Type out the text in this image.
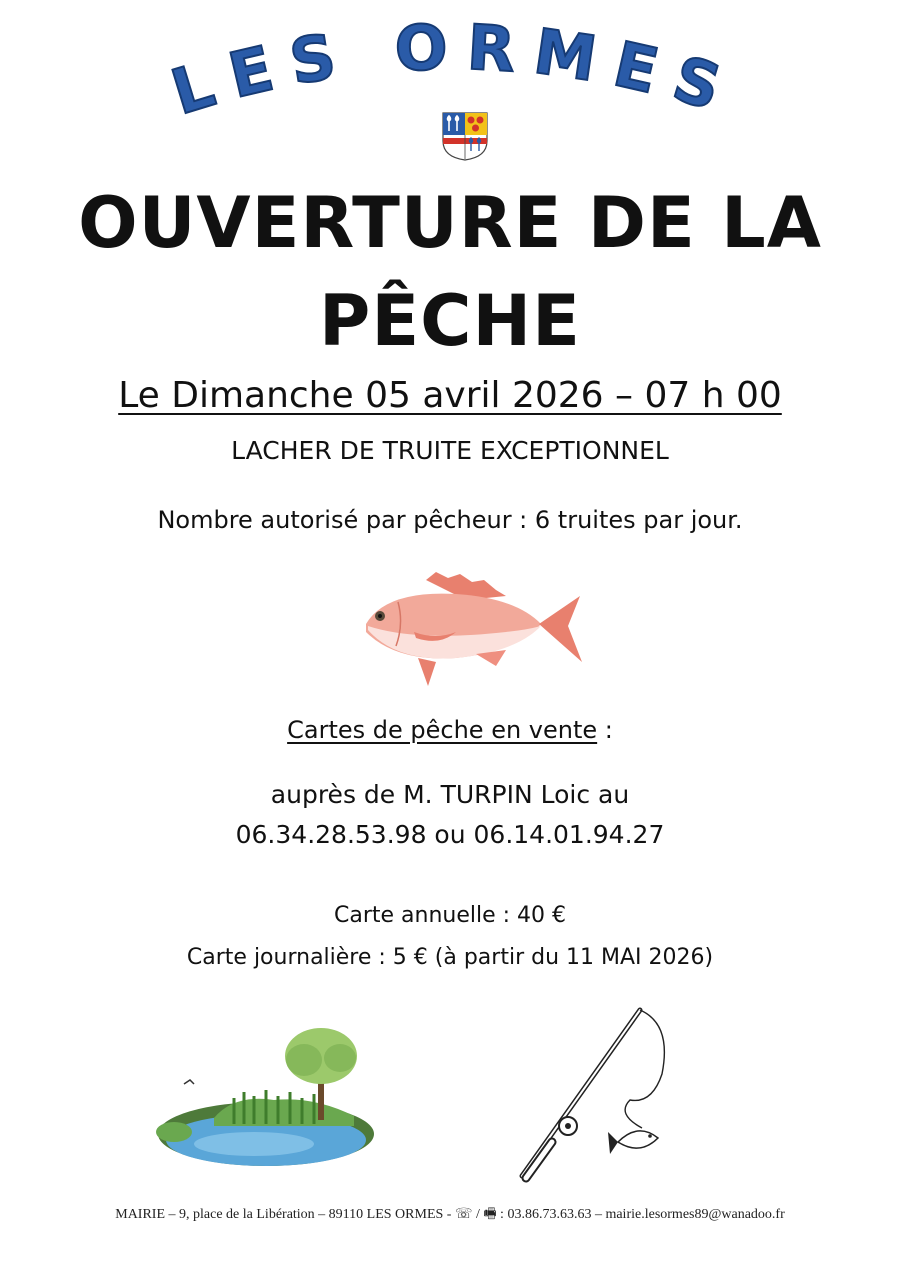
LES ORMES
OUVERTURE DE LA
PÊCHE
Le Dimanche 05 avril 2026 – 07 h 00
LACHER DE TRUITE EXCEPTIONNEL
Nombre autorisé par pêcheur : 6 truites par jour.
Cartes de pêche en vente :
auprès de M. TURPIN Loic au
06.34.28.53.98 ou 06.14.01.94.27
Carte annuelle : 40 €
Carte journalière : 5 € (à partir du 11 MAI 2026)
MAIRIE – 9, place de la Libération – 89110 LES ORMES - ☏ / 🖷 : 03.86.73.63.63 – mairie.lesormes89@wanadoo.fr
